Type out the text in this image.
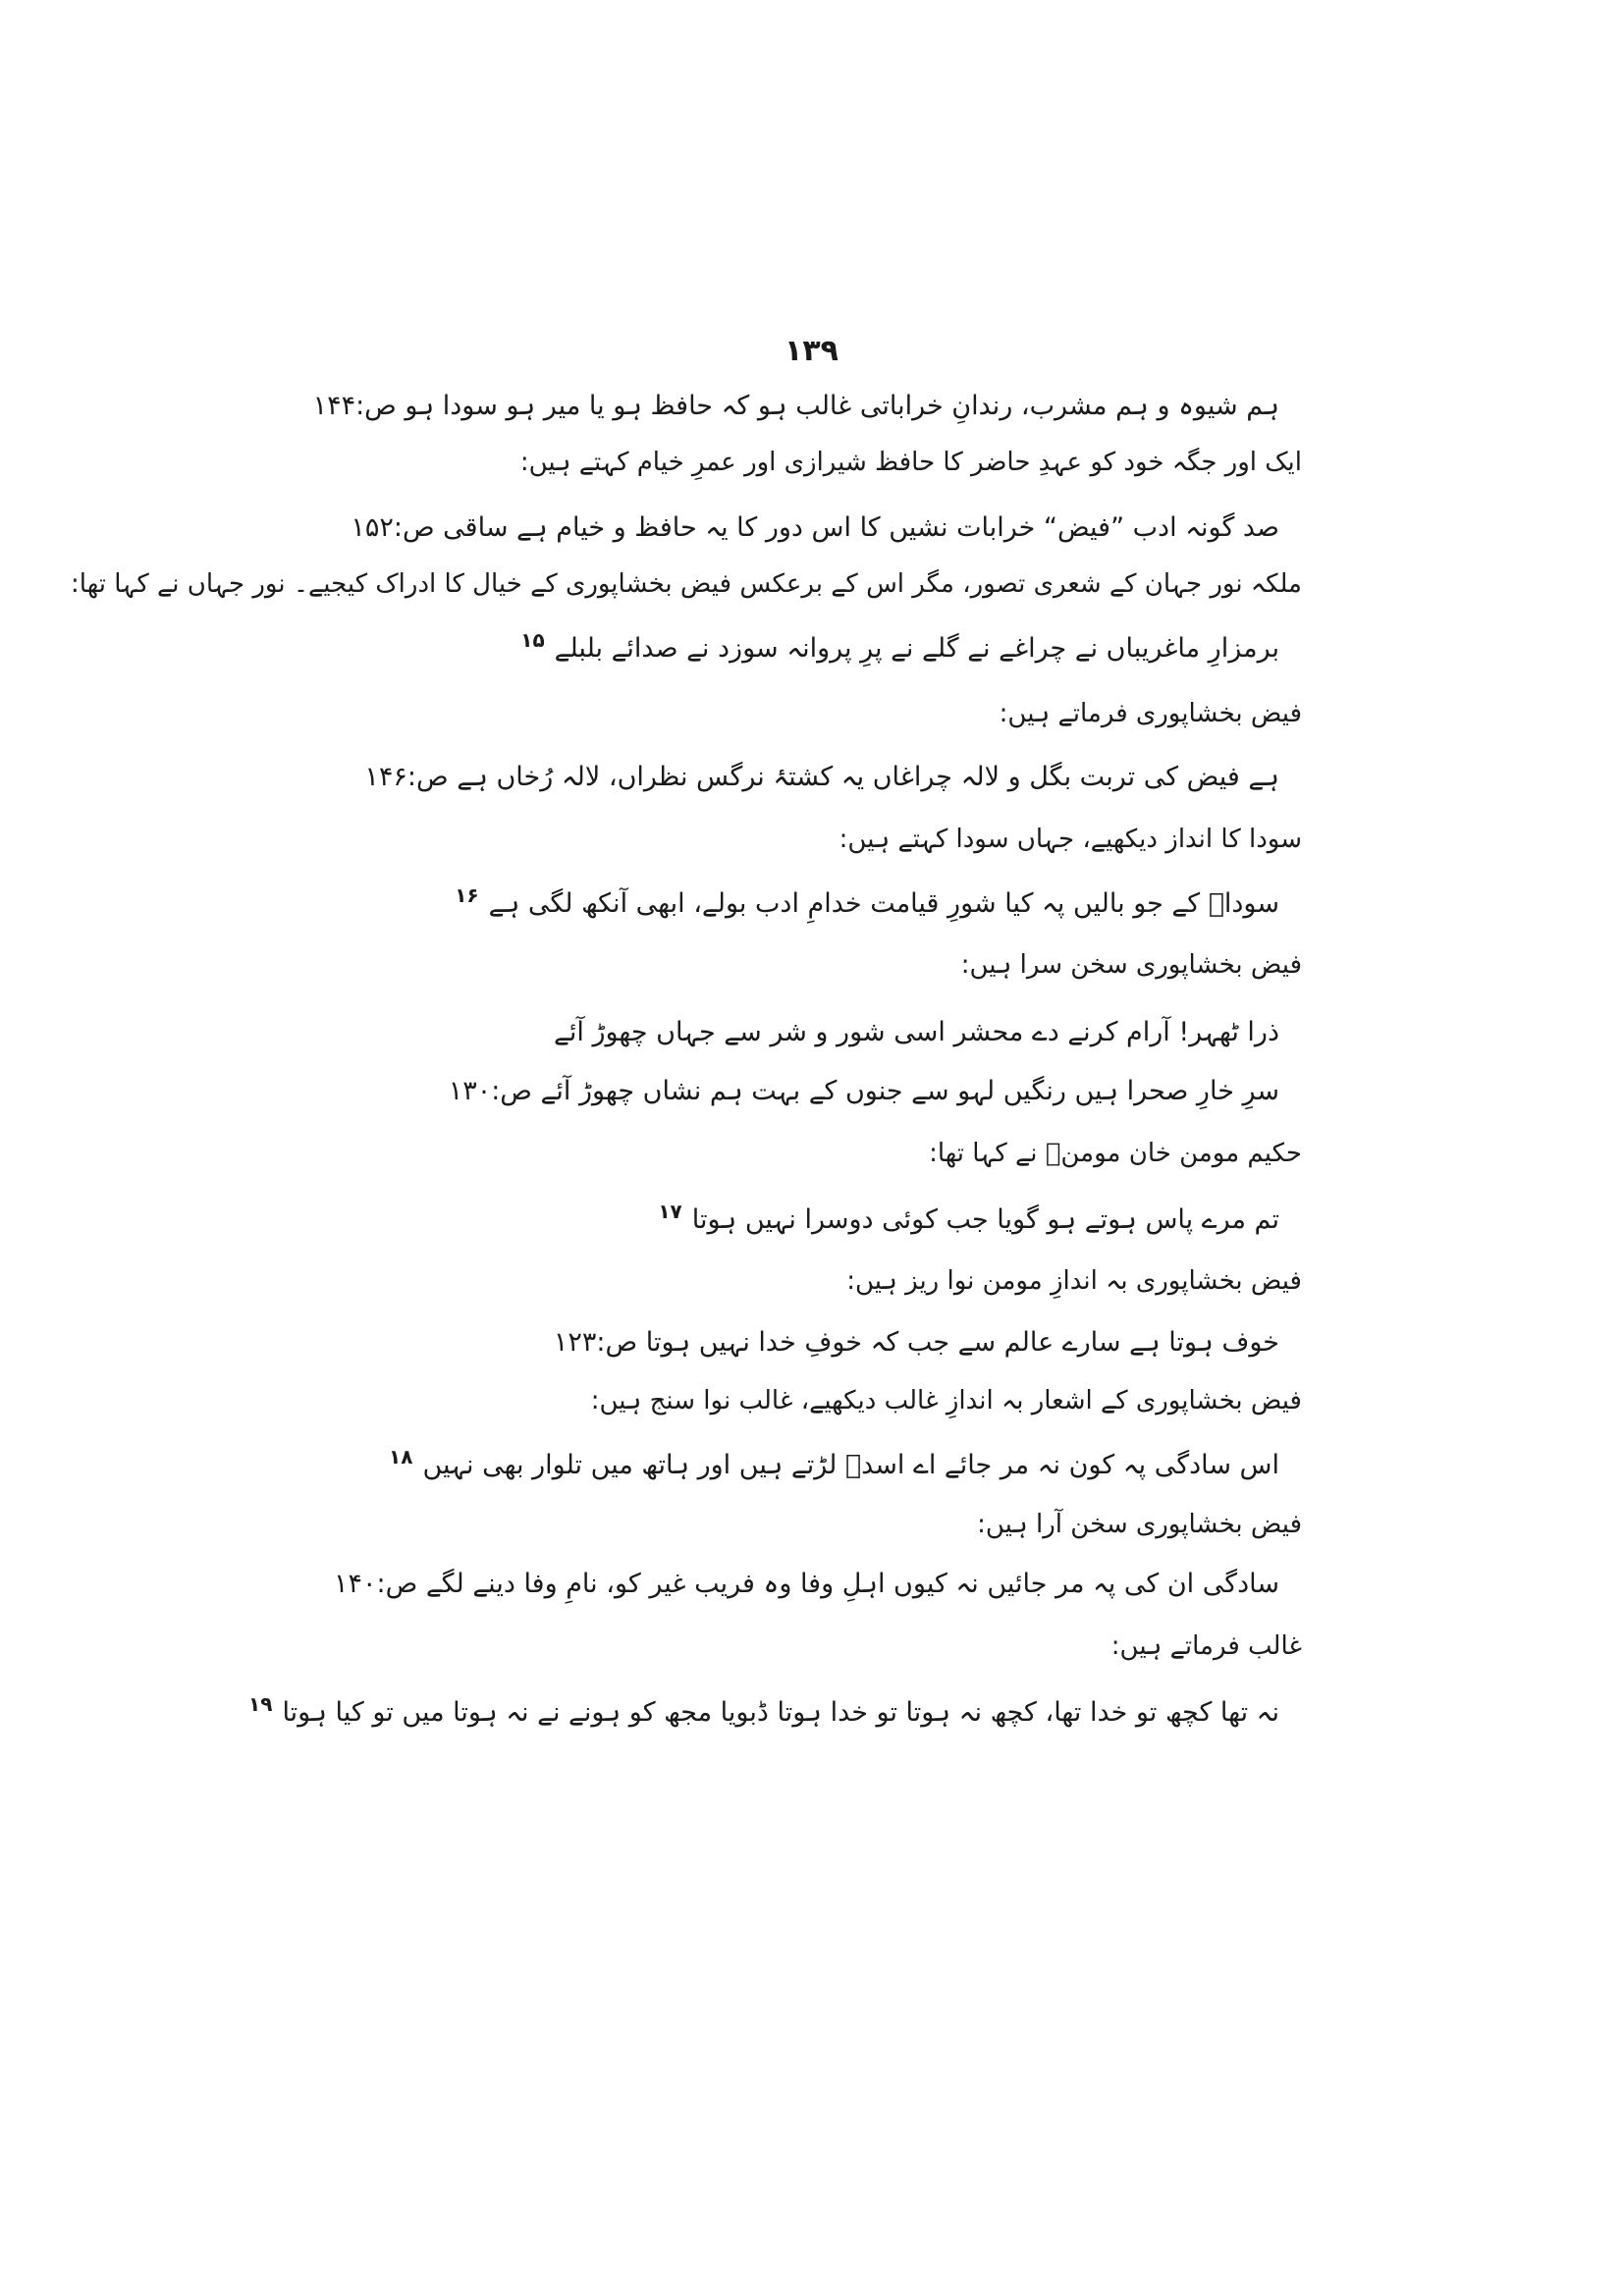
۱۳۹
ہم شیوہ و ہم مشرب، رندانِ خراباتی غالب ہو کہ حافظ ہو یا میر ہو سودا ہو ص:۱۴۴
ایک اور جگہ خود کو عہدِ حاضر کا حافظ شیرازی اور عمرِ خیام کہتے ہیں:
صد گونہ ادب ”فیض“ خرابات نشیں کا اس دور کا یہ حافظ و خیام ہے ساقی ص:۱۵۲
ملکہ نور جہان کے شعری تصور، مگر اس کے برعکس فیض بخشاپوری کے خیال کا ادراک کیجیے۔ نور جہاں نے کہا تھا:
برمزارِ ماغریباں نے چراغے نے گلے نے پرِ پروانہ سوزد نے صدائے بلبلے$^{۱۵}$
فیض بخشاپوری فرماتے ہیں:
ہے فیض کی تربت بگل و لالہ چراغاں یہ کشتۂ نرگس نظراں، لالہ رُخاں ہے ص:۱۴۶
سودا کا انداز دیکھیے، جہاں سودا کہتے ہیں:
سوداؔ کے جو بالیں پہ کیا شورِ قیامت خدامِ ادب بولے، ابھی آنکھ لگی ہے$^{۱۶}$
فیض بخشاپوری سخن سرا ہیں:
ذرا ٹھہر! آرام کرنے دے محشر اسی شور و شر سے جہاں چھوڑ آئے
سرِ خارِ صحرا ہیں رنگیں لہو سے جنوں کے بہت ہم نشاں چھوڑ آئے ص:۱۳۰
حکیم مومن خان مومنؔ نے کہا تھا:
تم مرے پاس ہوتے ہو گویا جب کوئی دوسرا نہیں ہوتا$^{۱۷}$
فیض بخشاپوری بہ اندازِ مومن نوا ریز ہیں:
خوف ہوتا ہے سارے عالم سے جب کہ خوفِ خدا نہیں ہوتا ص:۱۲۳
فیض بخشاپوری کے اشعار بہ اندازِ غالب دیکھیے، غالب نوا سنج ہیں:
اس سادگی پہ کون نہ مر جائے اے اسدؔ لڑتے ہیں اور ہاتھ میں تلوار بھی نہیں$^{۱۸}$
فیض بخشاپوری سخن آرا ہیں:
سادگی ان کی پہ مر جائیں نہ کیوں اہلِ وفا وہ فریب غیر کو، نامِ وفا دینے لگے ص:۱۴۰
غالب فرماتے ہیں:
نہ تھا کچھ تو خدا تھا، کچھ نہ ہوتا تو خدا ہوتا ڈبویا مجھ کو ہونے نے نہ ہوتا میں تو کیا ہوتا$^{۱۹}$
